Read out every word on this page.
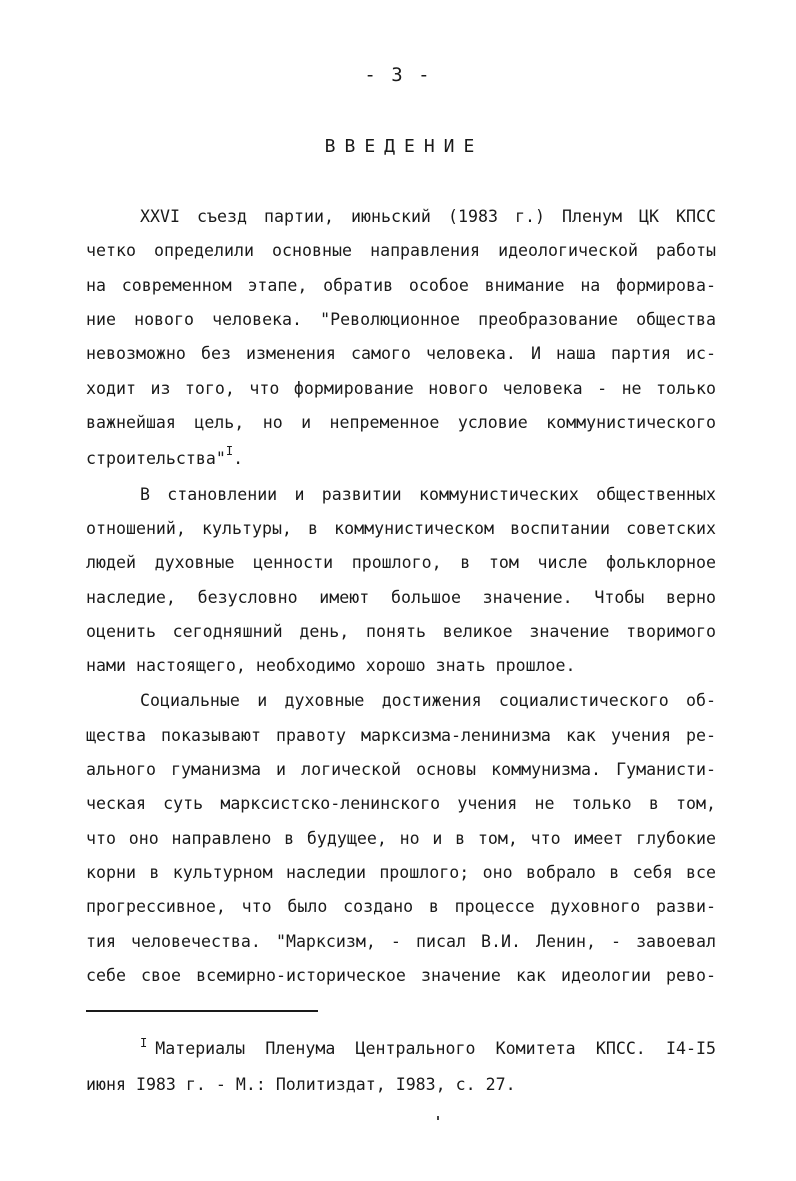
- 3 -
ВВЕДЕНИЕ
XXVI съезд партии, июньский (1983 г.) Пленум ЦК КПСС
четко определили основные направления идеологической работы
на современном этапе, обратив особое внимание на формирова-
ние нового человека. "Революционное преобразование общества
невозможно без изменения самого человека. И наша партия ис-
ходит из того, что формирование нового человека - не только
важнейшая цель, но и непременное условие коммунистического
строительства"$^I$.
В становлении и развитии коммунистических общественных
отношений, культуры, в коммунистическом воспитании советских
людей духовные ценности прошлого, в том числе фольклорное
наследие, безусловно имеют большое значение. Чтобы верно
оценить сегодняшний день, понять великое значение творимого
нами настоящего, необходимо хорошо знать прошлое.
Социальные и духовные достижения социалистического об-
щества показывают правоту марксизма-ленинизма как учения ре-
ального гуманизма и логической основы коммунизма. Гуманисти-
ческая суть марксистско-ленинского учения не только в том,
что оно направлено в будущее, но и в том, что имеет глубокие
корни в культурном наследии прошлого; оно вобрало в себя все
прогрессивное, что было создано в процессе духовного разви-
тия человечества. "Марксизм, - писал В.И. Ленин, - завоевал
себе свое всемирно-историческое значение как идеологии рево-
$^I$ Материалы Пленума Центрального Комитета КПСС. I4-I5
июня I983 г. - М.: Политиздат, I983, с. 27.
